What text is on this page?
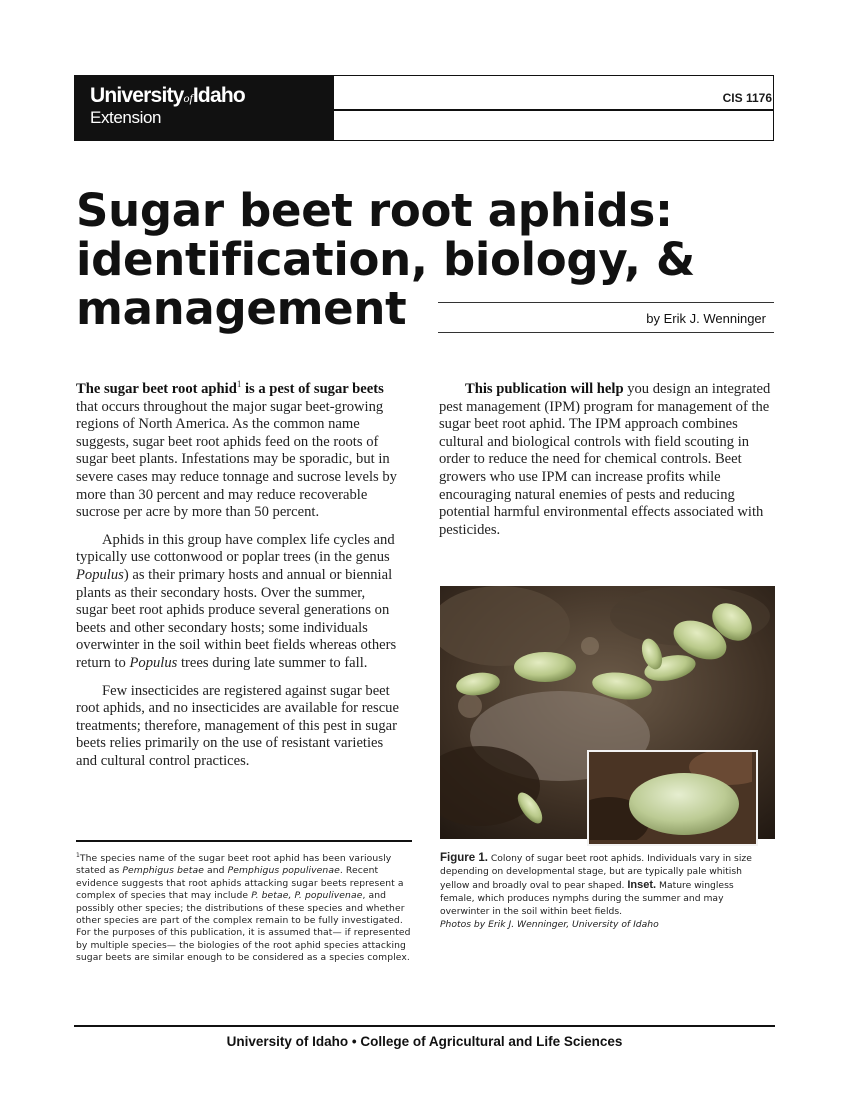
UniversityofIdaho
Extension
CIS 1176
Sugar beet root aphids:
identification, biology, &
management	by Erik J. Wenninger

The sugar beet root aphid$^1$ is a pest of sugar beets that occurs throughout the major sugar beet-growing regions of North America. As the common name suggests, sugar beet root aphids feed on the roots of sugar beet plants. Infestations may be sporadic, but in severe cases may reduce tonnage and sucrose levels by more than 30 percent and may reduce recoverable sucrose per acre by more than 50 percent.

Aphids in this group have complex life cycles and typically use cottonwood or poplar trees (in the genus Populus) as their primary hosts and annual or biennial plants as their secondary hosts. Over the summer, sugar beet root aphids produce several generations on beets and other secondary hosts; some individuals overwinter in the soil within beet fields whereas others return to Populus trees during late summer to fall.

Few insecticides are registered against sugar beet root aphids, and no insecticides are available for rescue treatments; therefore, management of this pest in sugar beets relies primarily on the use of resistant varieties and cultural control practices.

This publication will help you design an integrated pest management (IPM) program for management of the sugar beet root aphid. The IPM approach combines cultural and biological controls with field scouting in order to reduce the need for chemical controls. Beet growers who use IPM can increase profits while encouraging natural enemies of pests and reducing potential harmful environmental effects associated with pesticides.

Figure 1. Colony of sugar beet root aphids. Individuals vary in size depending on developmental stage, but are typically pale whitish yellow and broadly oval to pear shaped. Inset. Mature wingless female, which produces nymphs during the summer and may overwinter in the soil within beet fields.
Photos by Erik J. Wenninger, University of Idaho
$^1$The species name of the sugar beet root aphid has been variously stated as Pemphigus betae and Pemphigus populivenae. Recent evidence suggests that root aphids attacking sugar beets represent a complex of species that may include P. betae, P. populivenae, and possibly other species; the distributions of these species and whether other species are part of the complex remain to be fully investigated. For the purposes of this publication, it is assumed that— if represented by multiple species— the biologies of the root aphid species attacking sugar beets are similar enough to be considered as a species complex.
University of Idaho • College of Agricultural and Life Sciences
